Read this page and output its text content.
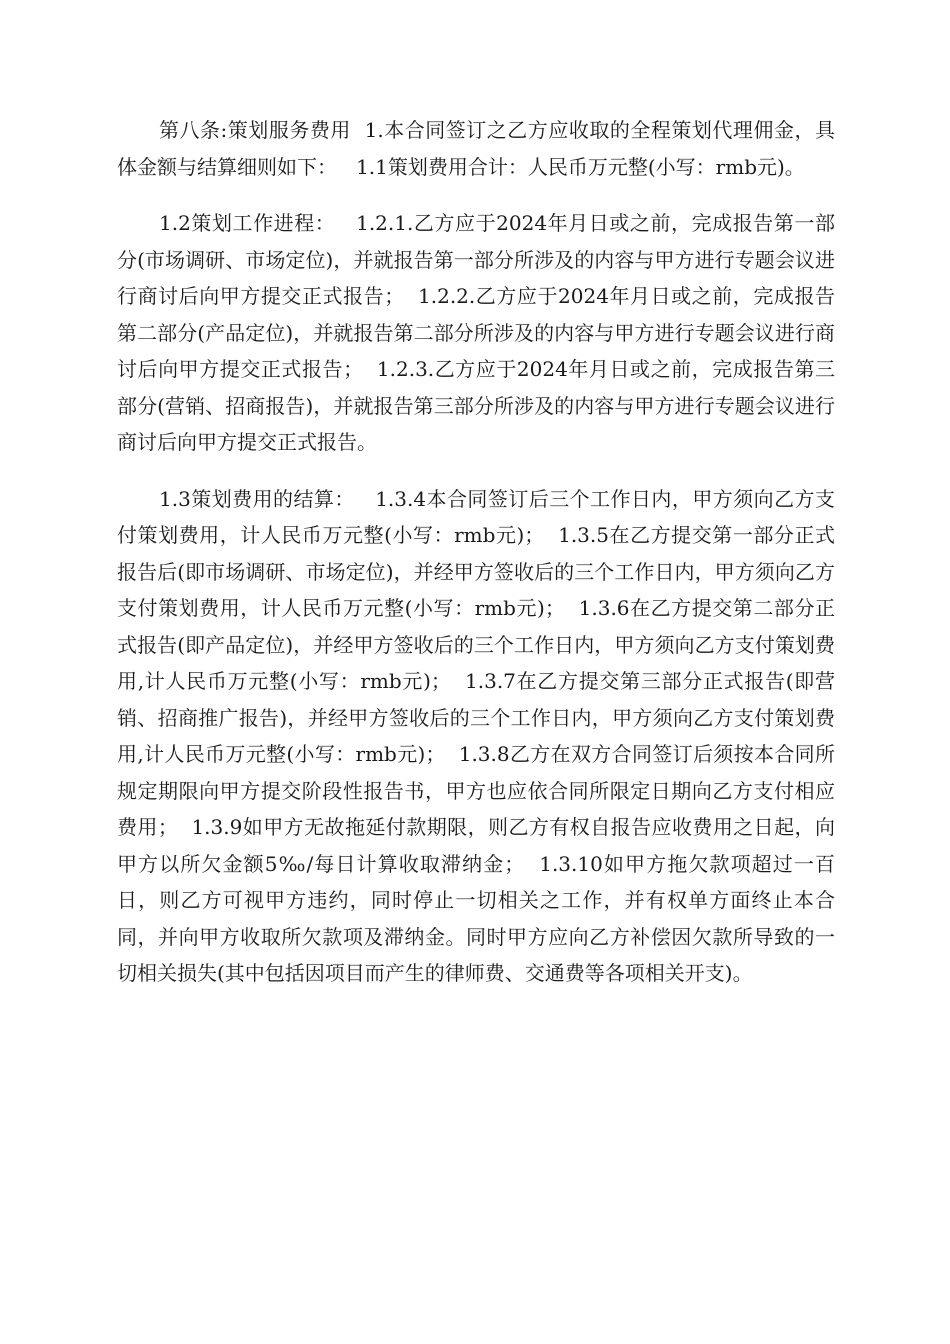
第八条:策划服务费用  1.本合同签订之乙方应收取的全程策划代理佣金，具体金额与结算细则如下：   1.1策划费用合计：人民币万元整(小写：rmb元)。

1.2策划工作进程：   1.2.1.乙方应于2024年月日或之前，完成报告第一部分(市场调研、市场定位)，并就报告第一部分所涉及的内容与甲方进行专题会议进行商讨后向甲方提交正式报告；  1.2.2.乙方应于2024年月日或之前，完成报告第二部分(产品定位)，并就报告第二部分所涉及的内容与甲方进行专题会议进行商讨后向甲方提交正式报告；  1.2.3.乙方应于2024年月日或之前，完成报告第三部分(营销、招商报告)，并就报告第三部分所涉及的内容与甲方进行专题会议进行商讨后向甲方提交正式报告。

1.3策划费用的结算：   1.3.4本合同签订后三个工作日内，甲方须向乙方支付策划费用，计人民币万元整(小写：rmb元)；  1.3.5在乙方提交第一部分正式报告后(即市场调研、市场定位)，并经甲方签收后的三个工作日内，甲方须向乙方支付策划费用，计人民币万元整(小写：rmb元)；  1.3.6在乙方提交第二部分正式报告(即产品定位)，并经甲方签收后的三个工作日内，甲方须向乙方支付策划费用,计人民币万元整(小写：rmb元)；  1.3.7在乙方提交第三部分正式报告(即营销、招商推广报告)，并经甲方签收后的三个工作日内，甲方须向乙方支付策划费用,计人民币万元整(小写：rmb元)；  1.3.8乙方在双方合同签订后须按本合同所规定期限向甲方提交阶段性报告书，甲方也应依合同所限定日期向乙方支付相应费用；  1.3.9如甲方无故拖延付款期限，则乙方有权自报告应收费用之日起，向甲方以所欠金额5‰/每日计算收取滞纳金；  1.3.10如甲方拖欠款项超过一百日，则乙方可视甲方违约，同时停止一切相关之工作，并有权单方面终止本合同，并向甲方收取所欠款项及滞纳金。同时甲方应向乙方补偿因欠款所导致的一切相关损失(其中包括因项目而产生的律师费、交通费等各项相关开支)。
